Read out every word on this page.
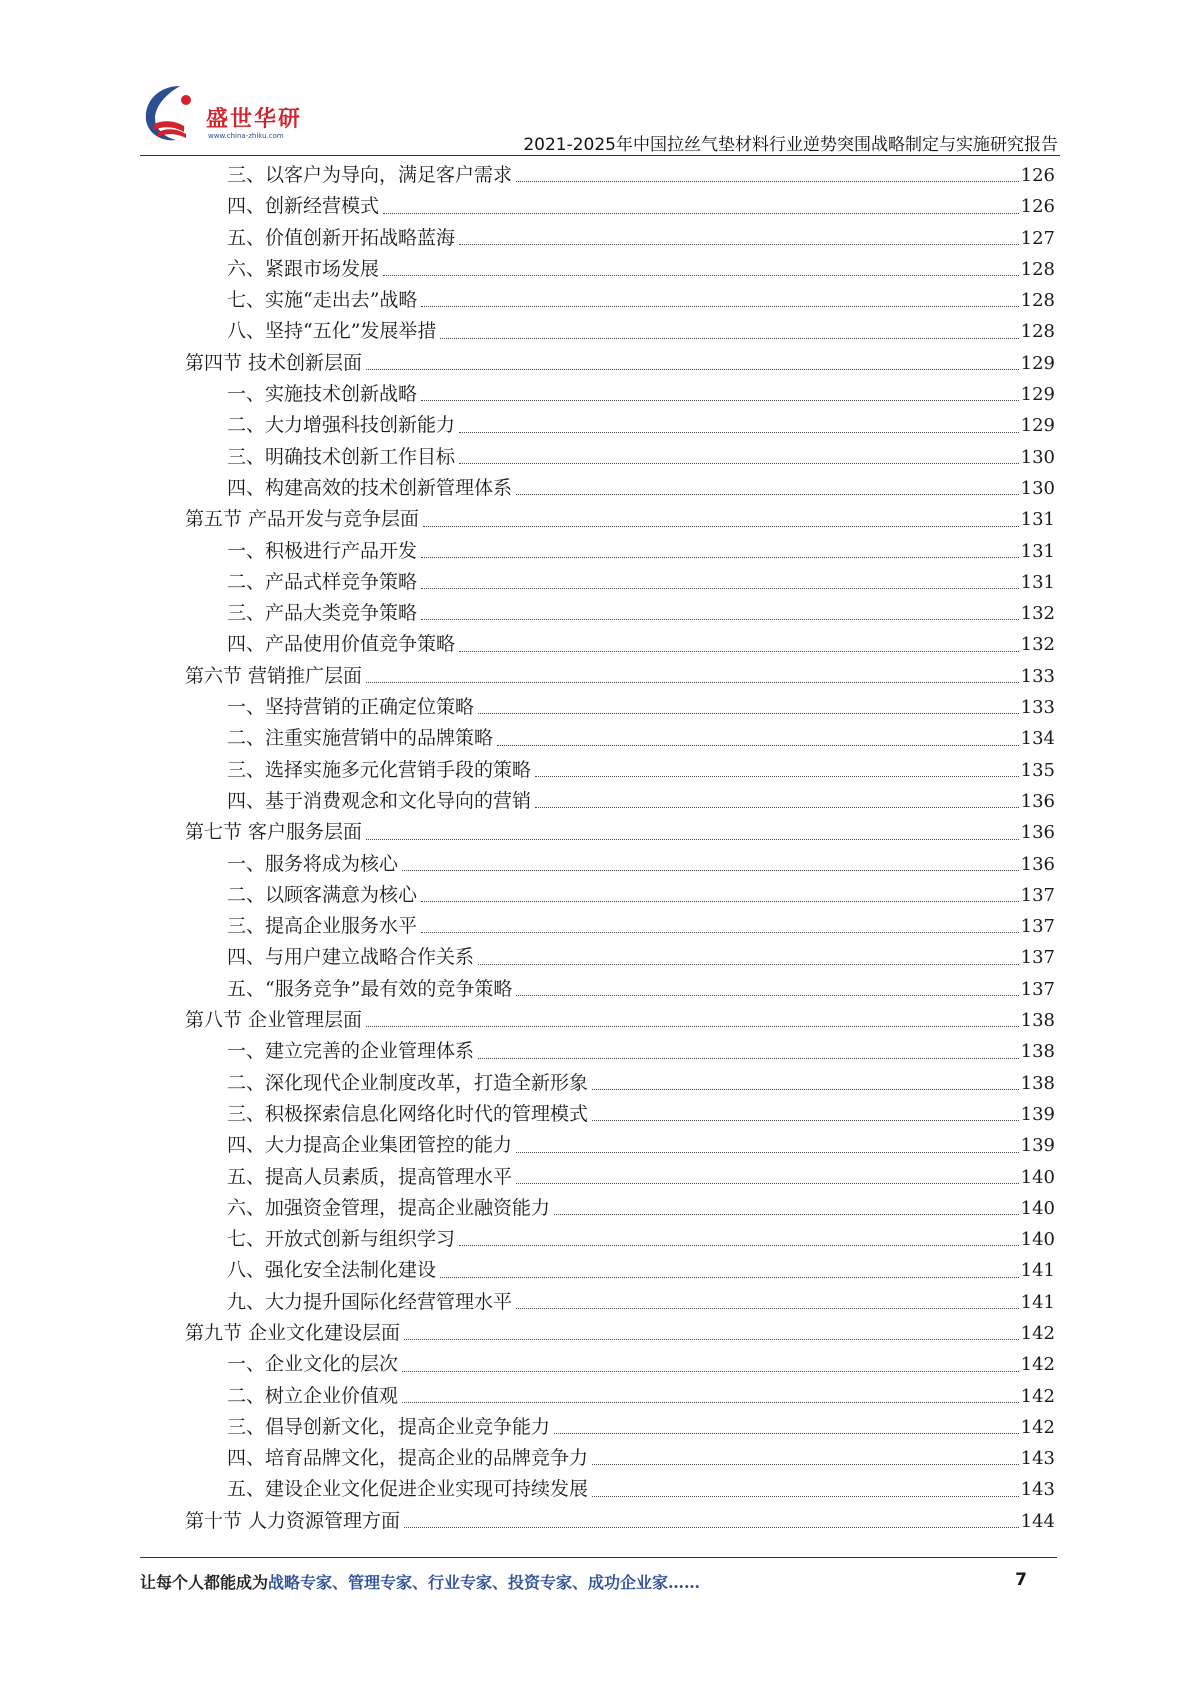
盛世华研
www.china-zhiku.com	2021-2025年中国拉丝气垫材料行业逆势突围战略制定与实施研究报告
三、以客户为导向，满足客户需求	126
四、创新经营模式	126
五、价值创新开拓战略蓝海	127
六、紧跟市场发展	128
七、实施“走出去”战略	128
八、坚持“五化”发展举措	128
第四节 技术创新层面	129
一、实施技术创新战略	129
二、大力增强科技创新能力	129
三、明确技术创新工作目标	130
四、构建高效的技术创新管理体系	130
第五节 产品开发与竞争层面	131
一、积极进行产品开发	131
二、产品式样竞争策略	131
三、产品大类竞争策略	132
四、产品使用价值竞争策略	132
第六节 营销推广层面	133
一、坚持营销的正确定位策略	133
二、注重实施营销中的品牌策略	134
三、选择实施多元化营销手段的策略	135
四、基于消费观念和文化导向的营销	136
第七节 客户服务层面	136
一、服务将成为核心	136
二、以顾客满意为核心	137
三、提高企业服务水平	137
四、与用户建立战略合作关系	137
五、“服务竞争”最有效的竞争策略	137
第八节 企业管理层面	138
一、建立完善的企业管理体系	138
二、深化现代企业制度改革，打造全新形象	138
三、积极探索信息化网络化时代的管理模式	139
四、大力提高企业集团管控的能力	139
五、提高人员素质，提高管理水平	140
六、加强资金管理，提高企业融资能力	140
七、开放式创新与组织学习	140
八、强化安全法制化建设	141
九、大力提升国际化经营管理水平	141
第九节 企业文化建设层面	142
一、企业文化的层次	142
二、树立企业价值观	142
三、倡导创新文化，提高企业竞争能力	142
四、培育品牌文化，提高企业的品牌竞争力	143
五、建设企业文化促进企业实现可持续发展	143
第十节 人力资源管理方面	144
让每个人都能成为战略专家、管理专家、行业专家、投资专家、成功企业家……	7
